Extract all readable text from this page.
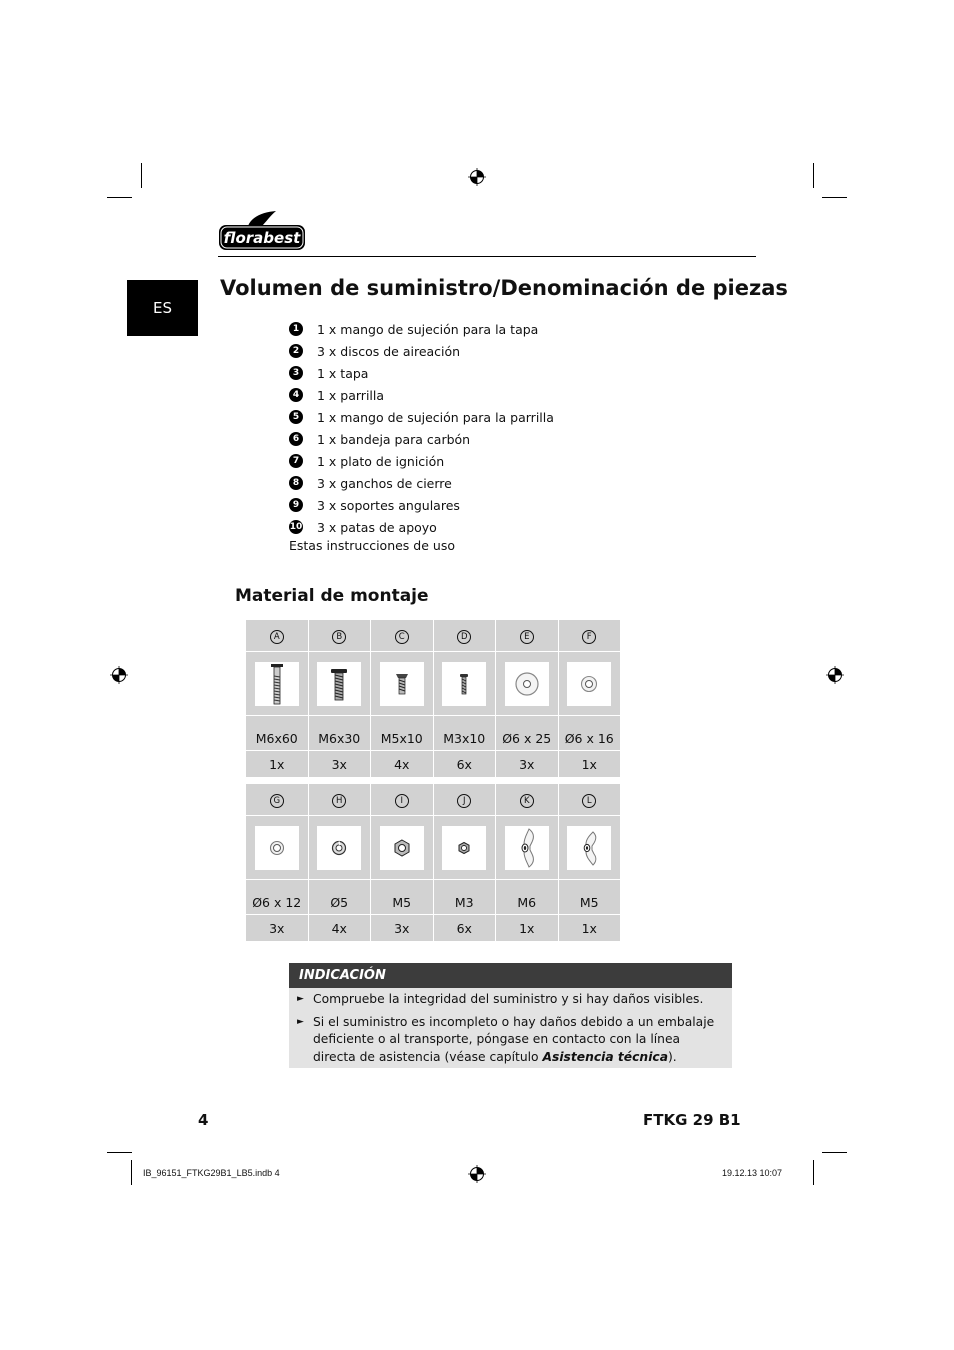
florabest
ES
Volumen de suministro/Denominación de piezas
1	1 x mango de sujeción para la tapa
2	3 x discos de aireación
3	1 x tapa
4	1 x parrilla
5	1 x mango de sujeción para la parrilla
6	1 x bandeja para carbón
7	1 x plato de ignición
8	3 x ganchos de cierre
9	3 x soportes angulares
10 3 x patas de apoyo
Estas instrucciones de uso
Material de montaje
A	B	C	D	E	F

M6x60	M6x30	M5x10	M3x10	Ø6 x 25	Ø6 x 16
1x	3x	4x	6x	3x	1x
G	H	I	J	K	L

Ø6 x 12	Ø5	M5	M3	M6	M5
3x	4x	3x	6x	1x	1x
INDICACIÓN
► Compruebe la integridad del suministro y si hay daños visibles.
► Si el suministro es incompleto o hay daños debido a un embalaje deficiente o al transporte, póngase en contacto con la línea directa de asistencia (véase capítulo Asistencia técnica).
4	FTKG 29 B1
IB_96151_FTKG29B1_LB5.indb 4	19.12.13 10:07
